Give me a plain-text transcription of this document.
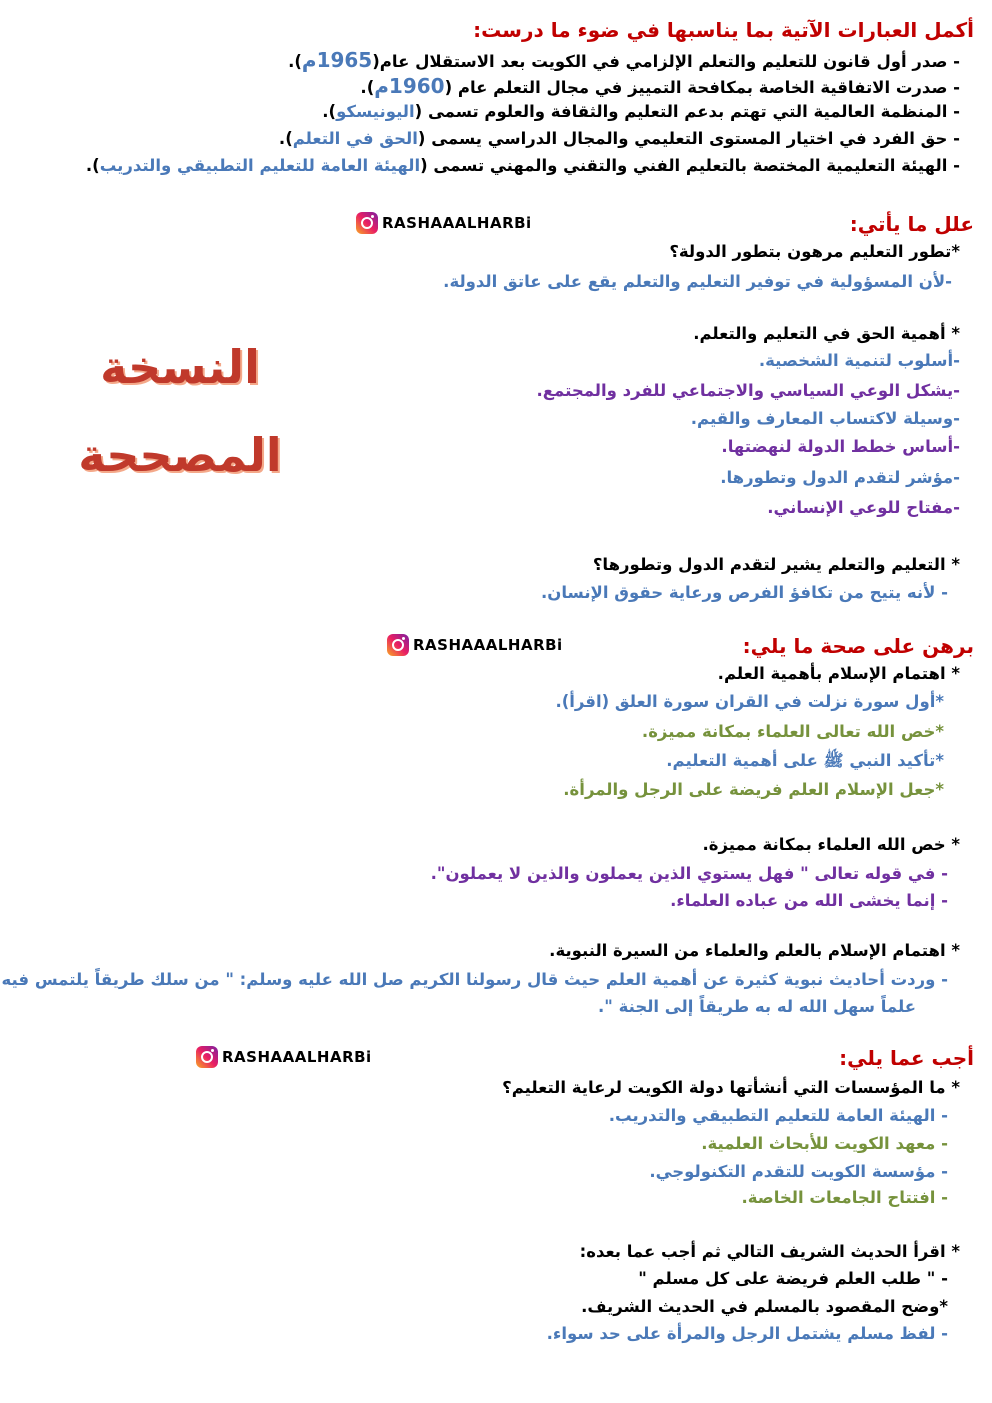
أكمل العبارات الآتية بما يناسبها في ضوء ما درست:
- صدر أول قانون للتعليم والتعلم الإلزامي في الكويت بعد الاستقلال عام(1965م).
- صدرت الاتفاقية الخاصة بمكافحة التمييز في مجال التعلم عام (1960م).
- المنظمة العالمية التي تهتم بدعم التعليم والثقافة والعلوم تسمى (اليونيسكو).
- حق الفرد في اختيار المستوى التعليمي والمجال الدراسي يسمى (الحق في التعلم).
- الهيئة التعليمية المختصة بالتعليم الفني والتقني والمهني تسمى (الهيئة العامة للتعليم التطبيقي والتدريب).
RASHAAALHARBi	علل ما يأتي:
*تطور التعليم مرهون بتطور الدولة؟
-لأن المسؤولية في توفير التعليم والتعلم يقع على عاتق الدولة.
* أهمية الحق في التعليم والتعلم.
-أسلوب لتنمية الشخصية.
-يشكل الوعي السياسي والاجتماعي للفرد والمجتمع.
-وسيلة لاكتساب المعارف والقيم.
-أساس خطط الدولة لنهضتها.
-مؤشر لتقدم الدول وتطورها.
-مفتاح للوعي الإنساني.
النسخة
المصححة
* التعليم والتعلم يشير لتقدم الدول وتطورها؟
- لأنه يتيح من تكافؤ الفرص ورعاية حقوق الإنسان.
RASHAAALHARBi	برهن على صحة ما يلي:
* اهتمام الإسلام بأهمية العلم.
*أول سورة نزلت في القران سورة العلق (اقرأ).
*خص الله تعالى العلماء بمكانة مميزة.
*تأكيد النبي ﷺ على أهمية التعليم.
*جعل الإسلام العلم فريضة على الرجل والمرأة.
* خص الله العلماء بمكانة مميزة.
- في قوله تعالى " فهل يستوي الذين يعملون والذين لا يعملون".
- إنما يخشى الله من عباده العلماء.
* اهتمام الإسلام بالعلم والعلماء من السيرة النبوية.
- وردت أحاديث نبوية كثيرة عن أهمية العلم حيث قال رسولنا الكريم صل الله عليه وسلم: " من سلك طريقاً يلتمس فيه
علماً سهل الله له به طريقاً إلى الجنة ".
RASHAAALHARBi	أجب عما يلي:
* ما المؤسسات التي أنشأتها دولة الكويت لرعاية التعليم؟
- الهيئة العامة للتعليم التطبيقي والتدريب.
- معهد الكويت للأبحاث العلمية.
- مؤسسة الكويت للتقدم التكنولوجي.
- افتتاح الجامعات الخاصة.
* اقرأ الحديث الشريف التالي ثم أجب عما بعده:
- " طلب العلم فريضة على كل مسلم "
*وضح المقصود بالمسلم في الحديث الشريف.
- لفظ مسلم يشتمل الرجل والمرأة على حد سواء.
